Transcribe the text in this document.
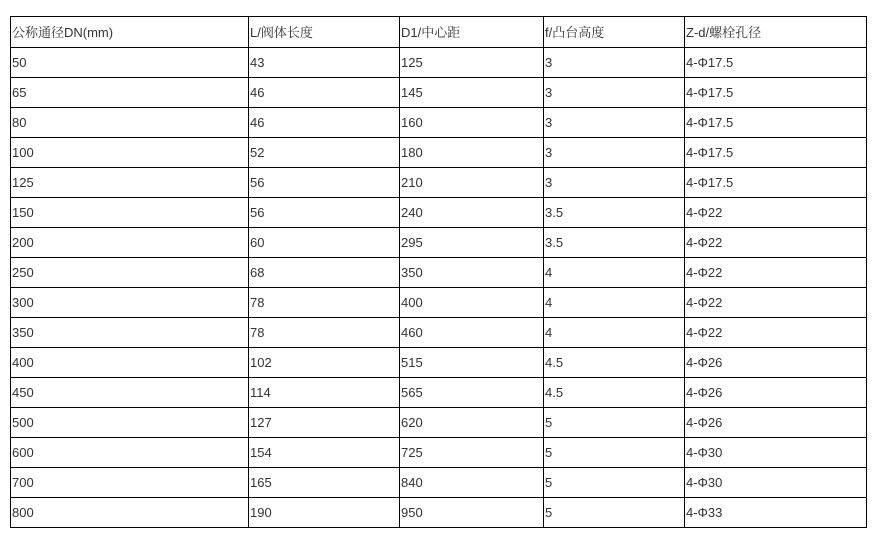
公称通径DN(mm)	L/阀体长度	D1/中心距	f/凸台高度	Z-d/螺栓孔径
50	43	125	3	4-Φ17.5
65	46	145	3	4-Φ17.5
80	46	160	3	4-Φ17.5
100	52	180	3	4-Φ17.5
125	56	210	3	4-Φ17.5
150	56	240	3.5	4-Φ22
200	60	295	3.5	4-Φ22
250	68	350	4	4-Φ22
300	78	400	4	4-Φ22
350	78	460	4	4-Φ22
400	102	515	4.5	4-Φ26
450	114	565	4.5	4-Φ26
500	127	620	5	4-Φ26
600	154	725	5	4-Φ30
700	165	840	5	4-Φ30
800	190	950	5	4-Φ33
